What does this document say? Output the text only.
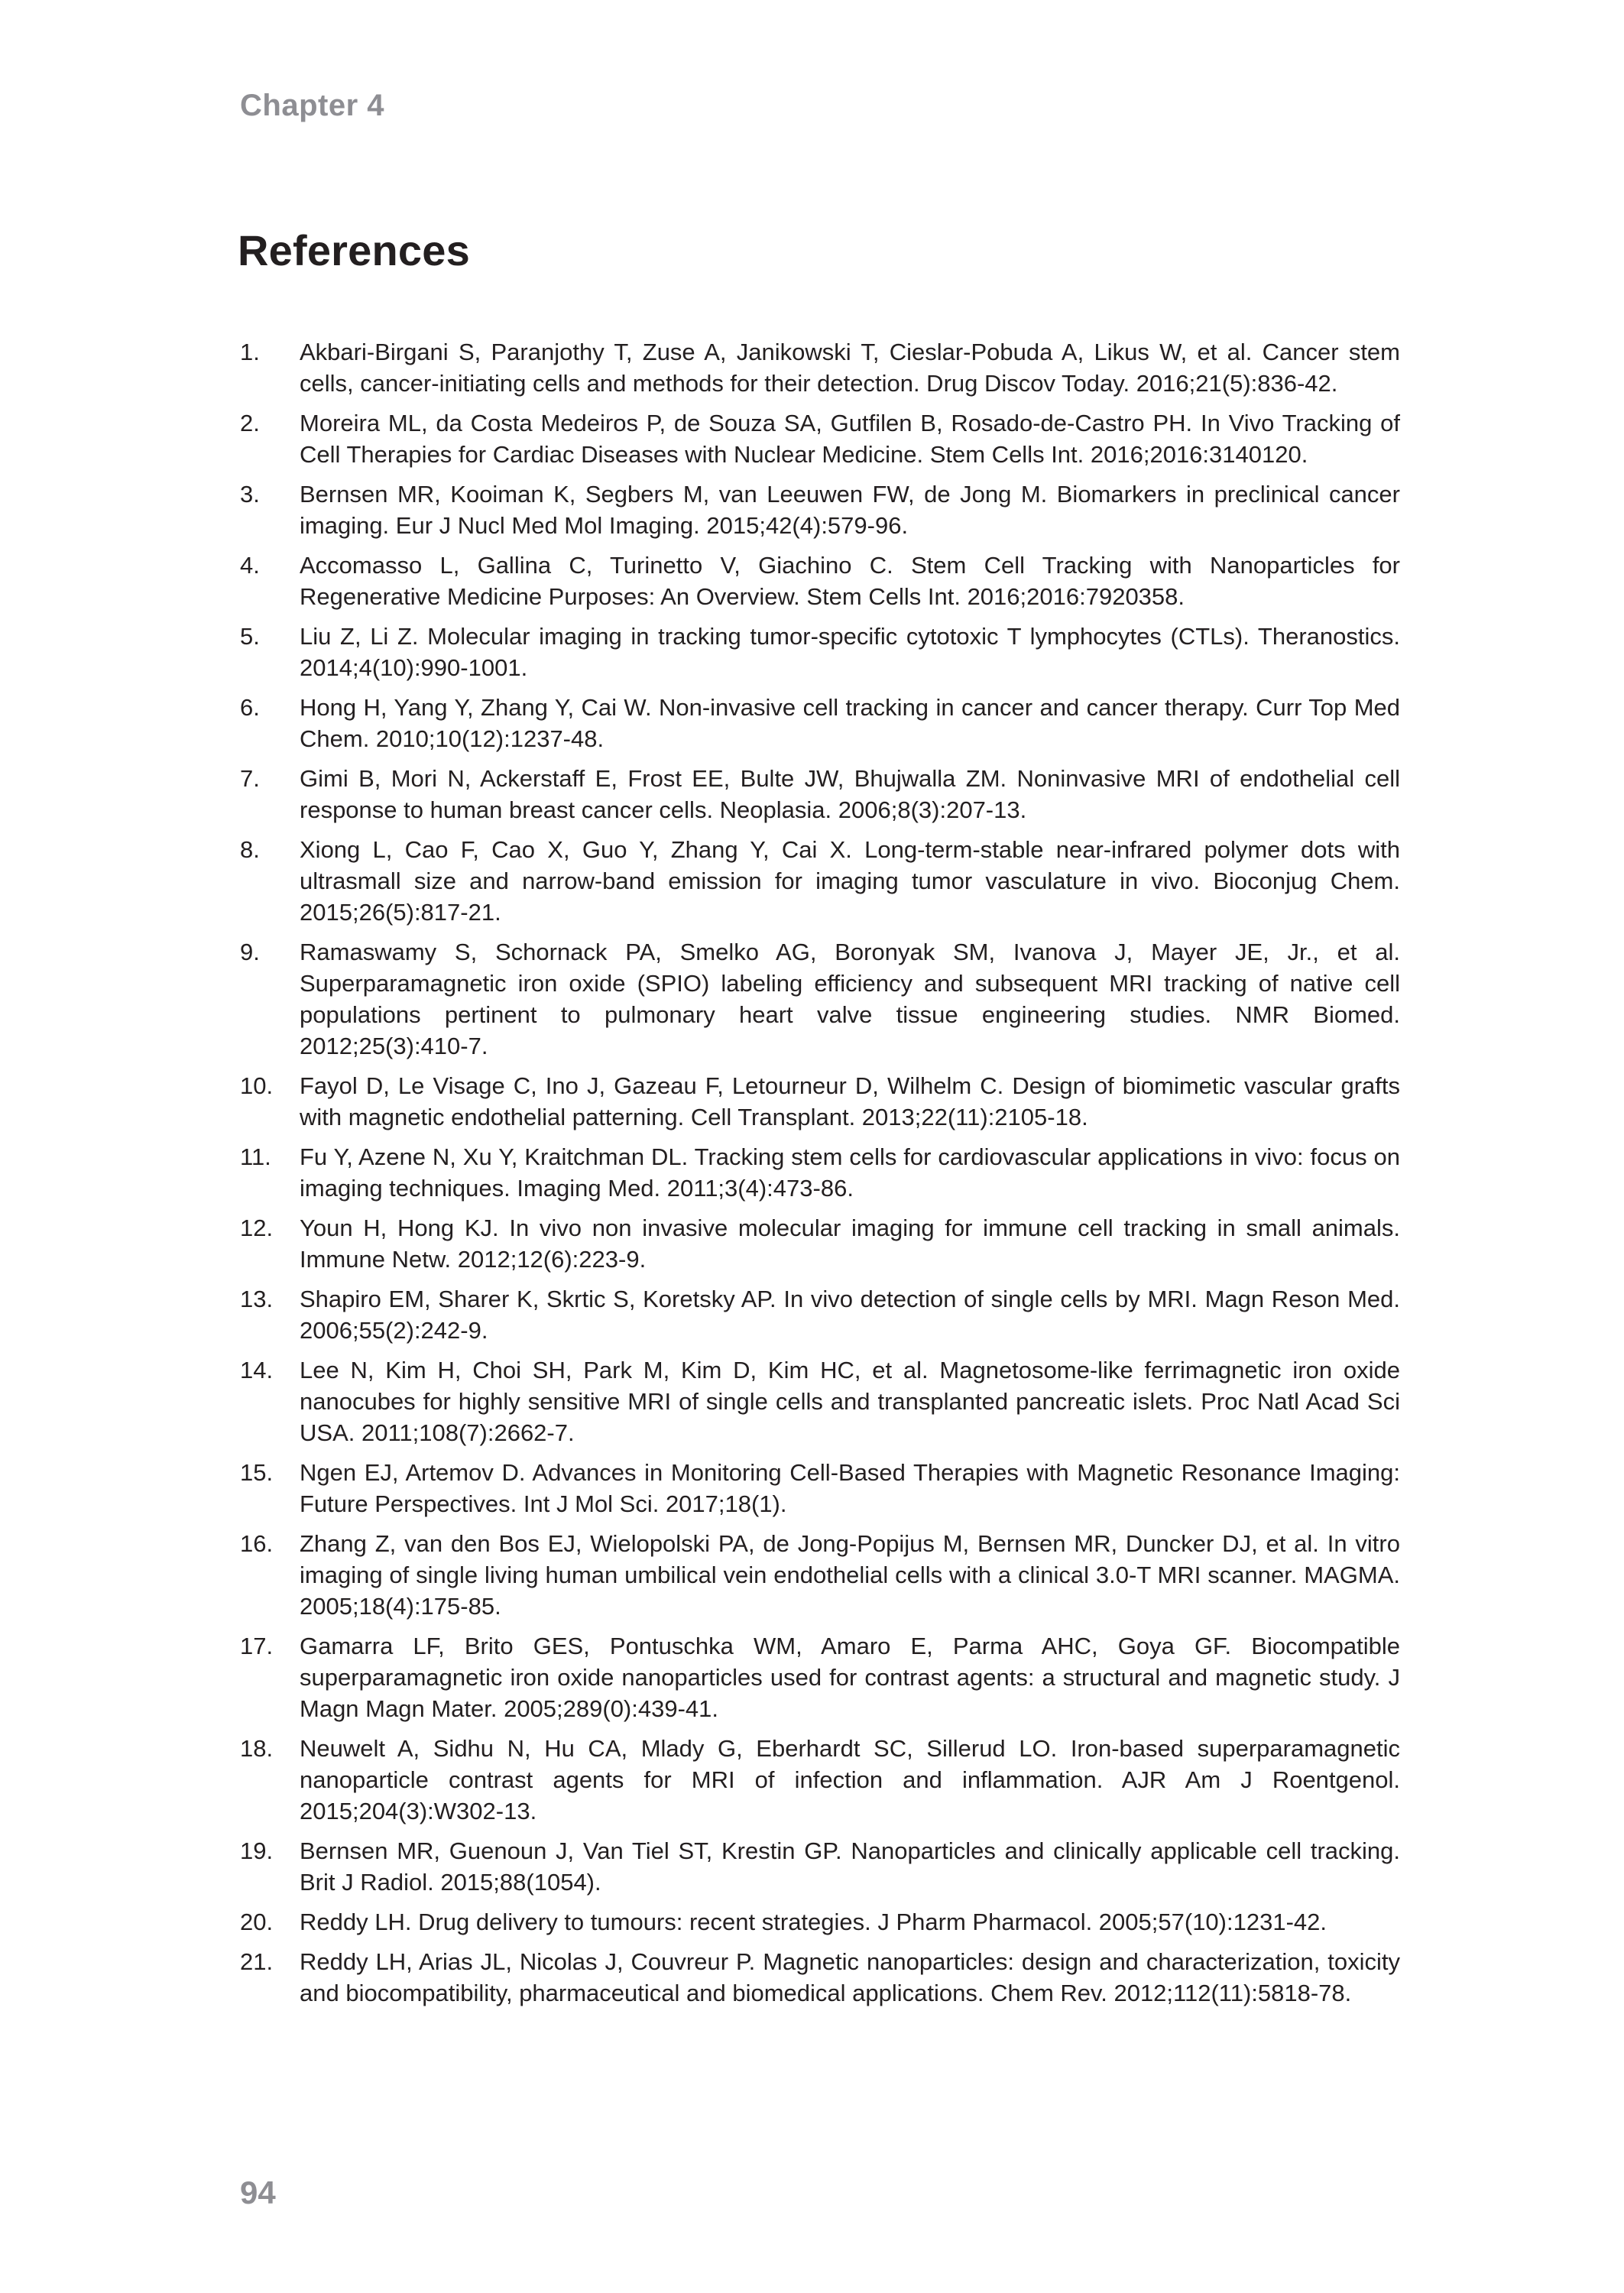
Chapter 4
References
1.	Akbari-Birgani S, Paranjothy T, Zuse A, Janikowski T, Cieslar-Pobuda A, Likus W, et al. Cancer stem cells, cancer-initiating cells and methods for their detection. Drug Discov Today. 2016;21(5):836-42.
2.	Moreira ML, da Costa Medeiros P, de Souza SA, Gutfilen B, Rosado-de-Castro PH. In Vivo Tracking of Cell Therapies for Cardiac Diseases with Nuclear Medicine. Stem Cells Int. 2016;2016:3140120.
3.	Bernsen MR, Kooiman K, Segbers M, van Leeuwen FW, de Jong M. Biomarkers in preclinical cancer imaging. Eur J Nucl Med Mol Imaging. 2015;42(4):579-96.
4.	Accomasso L, Gallina C, Turinetto V, Giachino C. Stem Cell Tracking with Nanoparticles for Regenerative Medicine Purposes: An Overview. Stem Cells Int. 2016;2016:7920358.
5.	Liu Z, Li Z. Molecular imaging in tracking tumor-specific cytotoxic T lymphocytes (CTLs). Theranostics. 2014;4(10):990-1001.
6.	Hong H, Yang Y, Zhang Y, Cai W. Non-invasive cell tracking in cancer and cancer therapy. Curr Top Med Chem. 2010;10(12):1237-48.
7.	Gimi B, Mori N, Ackerstaff E, Frost EE, Bulte JW, Bhujwalla ZM. Noninvasive MRI of endothelial cell response to human breast cancer cells. Neoplasia. 2006;8(3):207-13.
8.	Xiong L, Cao F, Cao X, Guo Y, Zhang Y, Cai X. Long-term-stable near-infrared polymer dots with ultrasmall size and narrow-band emission for imaging tumor vasculature in vivo. Bioconjug Chem. 2015;26(5):817-21.
9.	Ramaswamy S, Schornack PA, Smelko AG, Boronyak SM, Ivanova J, Mayer JE, Jr., et al. Superparamagnetic iron oxide (SPIO) labeling efficiency and subsequent MRI tracking of native cell populations pertinent to pulmonary heart valve tissue engineering studies. NMR Biomed. 2012;25(3):410-7.
10.	Fayol D, Le Visage C, Ino J, Gazeau F, Letourneur D, Wilhelm C. Design of biomimetic vascular grafts with magnetic endothelial patterning. Cell Transplant. 2013;22(11):2105-18.
11.	Fu Y, Azene N, Xu Y, Kraitchman DL. Tracking stem cells for cardiovascular applications in vivo: focus on imaging techniques. Imaging Med. 2011;3(4):473-86.
12.	Youn H, Hong KJ. In vivo non invasive molecular imaging for immune cell tracking in small animals. Immune Netw. 2012;12(6):223-9.
13.	Shapiro EM, Sharer K, Skrtic S, Koretsky AP. In vivo detection of single cells by MRI. Magn Reson Med. 2006;55(2):242-9.
14.	Lee N, Kim H, Choi SH, Park M, Kim D, Kim HC, et al. Magnetosome-like ferrimagnetic iron oxide nanocubes for highly sensitive MRI of single cells and transplanted pancreatic islets. Proc Natl Acad Sci USA. 2011;108(7):2662-7.
15.	Ngen EJ, Artemov D. Advances in Monitoring Cell-Based Therapies with Magnetic Resonance Imaging: Future Perspectives. Int J Mol Sci. 2017;18(1).
16.	Zhang Z, van den Bos EJ, Wielopolski PA, de Jong-Popijus M, Bernsen MR, Duncker DJ, et al. In vitro imaging of single living human umbilical vein endothelial cells with a clinical 3.0-T MRI scanner. MAGMA. 2005;18(4):175-85.
17.	Gamarra LF, Brito GES, Pontuschka WM, Amaro E, Parma AHC, Goya GF. Biocompatible superparamagnetic iron oxide nanoparticles used for contrast agents: a structural and magnetic study. J Magn Magn Mater. 2005;289(0):439-41.
18.	Neuwelt A, Sidhu N, Hu CA, Mlady G, Eberhardt SC, Sillerud LO. Iron-based superparamagnetic nanoparticle contrast agents for MRI of infection and inflammation. AJR Am J Roentgenol. 2015;204(3):W302-13.
19.	Bernsen MR, Guenoun J, Van Tiel ST, Krestin GP. Nanoparticles and clinically applicable cell tracking. Brit J Radiol. 2015;88(1054).
20.	Reddy LH. Drug delivery to tumours: recent strategies. J Pharm Pharmacol. 2005;57(10):1231-42.
21.	Reddy LH, Arias JL, Nicolas J, Couvreur P. Magnetic nanoparticles: design and characterization, toxicity and biocompatibility, pharmaceutical and biomedical applications. Chem Rev. 2012;112(11):5818-78.
94
